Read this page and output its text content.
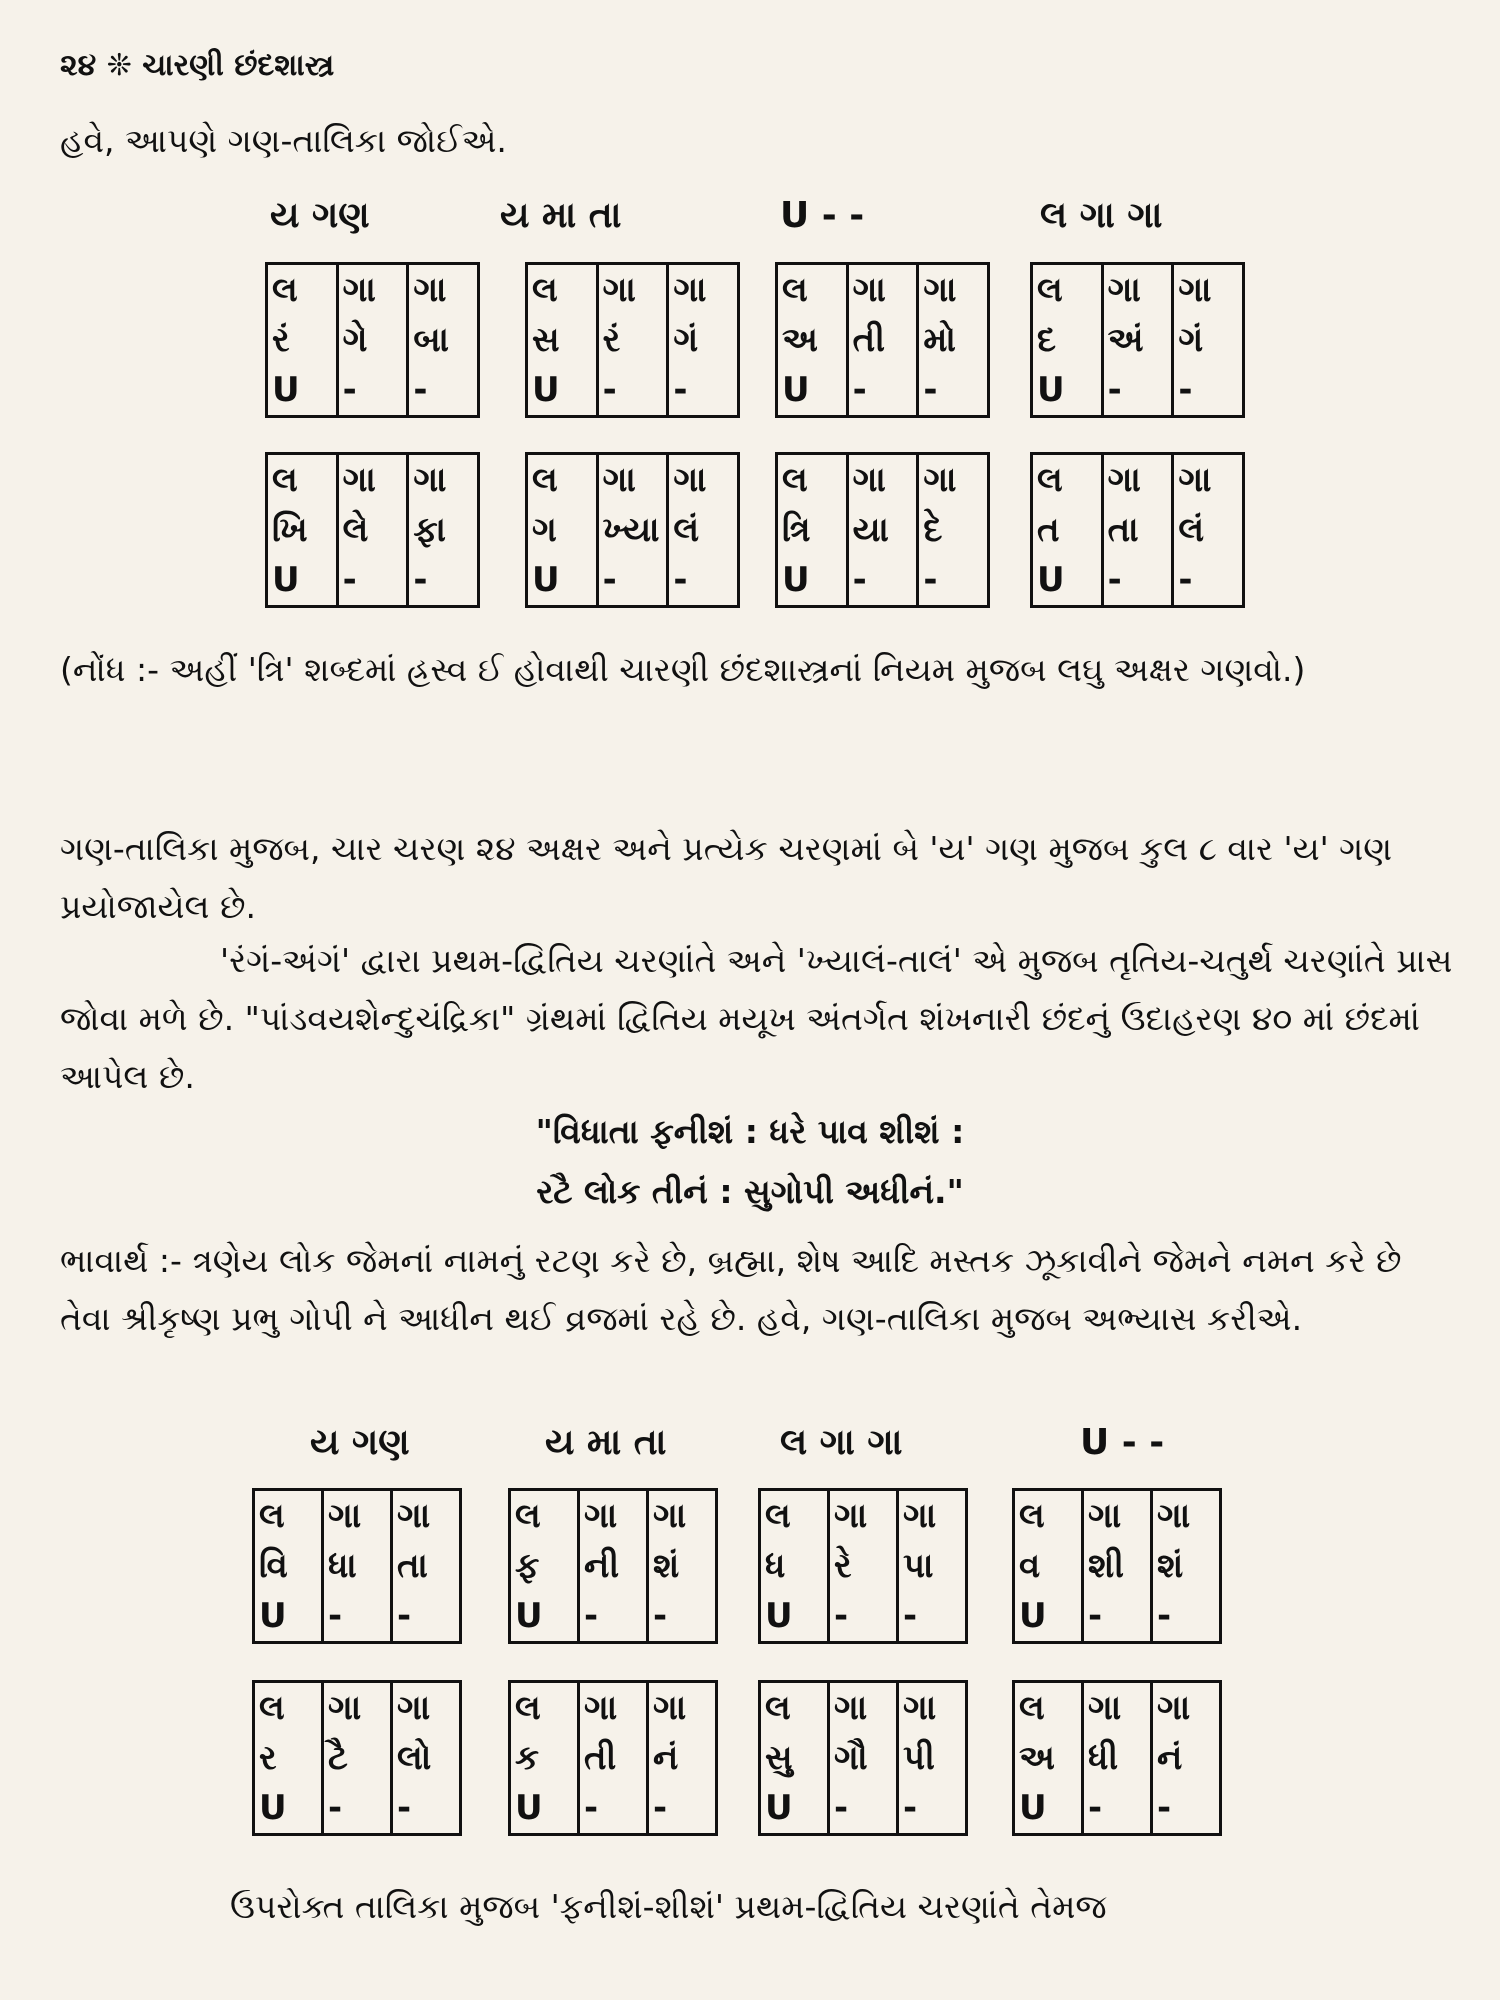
૨૪ ❊ ચારણી છંદશાસ્ત્ર

હવે, આપણે ગણ-તાલિકા જોઈએ.

ય ગણ	ય મા તા	U - -	લ ગા ગા
લ	ગા	ગા
રં	ગે	બા
U	-	-
લ	ગા	ગા
સ	રં	ગં
U	-	-
લ	ગા	ગા
અ	તી	મો
U	-	-
લ	ગા	ગા
દ	અં	ગં
U	-	-
લ	ગા	ગા
ખિ	લે	ફા
U	-	-
લ	ગા	ગા
ગ	ખ્યા	લં
U	-	-
લ	ગા	ગા
ત્રિ	યા	દે
U	-	-
લ	ગા	ગા
ત	તા	લં
U	-	-

(નોંધ :- અહીં 'ત્રિ' શબ્દમાં હ્રસ્વ ઈ હોવાથી ચારણી છંદશાસ્ત્રનાં નિયમ મુજબ લઘુ અક્ષર ગણવો.)

ગણ-તાલિકા મુજબ, ચાર ચરણ ૨૪ અક્ષર અને પ્રત્યેક ચરણમાં બે 'ય' ગણ મુજબ કુલ ૮ વાર 'ય' ગણ પ્રયોજાયેલ છે.

'રંગં-અંગં' દ્વારા પ્રથમ-દ્વિતિય ચરણાંતે અને 'ખ્યાલં-તાલં' એ મુજબ તૃતિય-ચતુર્થ ચરણાંતે પ્રાસ જોવા મળે છે. "પાંડવયશેન્દુચંદ્રિકા" ગ્રંથમાં દ્વિતિય મયૂખ અંતર્ગત શંખનારી છંદનું ઉદાહરણ ૪૦ માં છંદમાં આપેલ છે.

"વિધાતા ફનીશં : ધરે પાવ શીશં :
રટૈ લોક તીનં : સુગોપી અધીનં."

ભાવાર્થ :- ત્રણેય લોક જેમનાં નામનું રટણ કરે છે, બ્રહ્મા, શેષ આદિ મસ્તક ઝૂકાવીને જેમને નમન કરે છે તેવા શ્રીકૃષ્ણ પ્રભુ ગોપી ને આધીન થઈ વ્રજમાં રહે છે. હવે, ગણ-તાલિકા મુજબ અભ્યાસ કરીએ.

ય ગણ	ય મા તા	લ ગા ગા	U - -
લ	ગા	ગા
વિ	ધા	તા
U	-	-
લ	ગા	ગા
ફ	ની	શં
U	-	-
લ	ગા	ગા
ધ	રે	પા
U	-	-
લ	ગા	ગા
વ	શી	શં
U	-	-
લ	ગા	ગા
ર	ટૈ	લો
U	-	-
લ	ગા	ગા
ક	તી	નં
U	-	-
લ	ગા	ગા
સુ	ગૌ	પી
U	-	-
લ	ગા	ગા
અ	ધી	નં
U	-	-

ઉપરોક્ત તાલિકા મુજબ 'ફનીશં-શીશં' પ્રથમ-દ્વિતિય ચરણાંતે તેમજ
